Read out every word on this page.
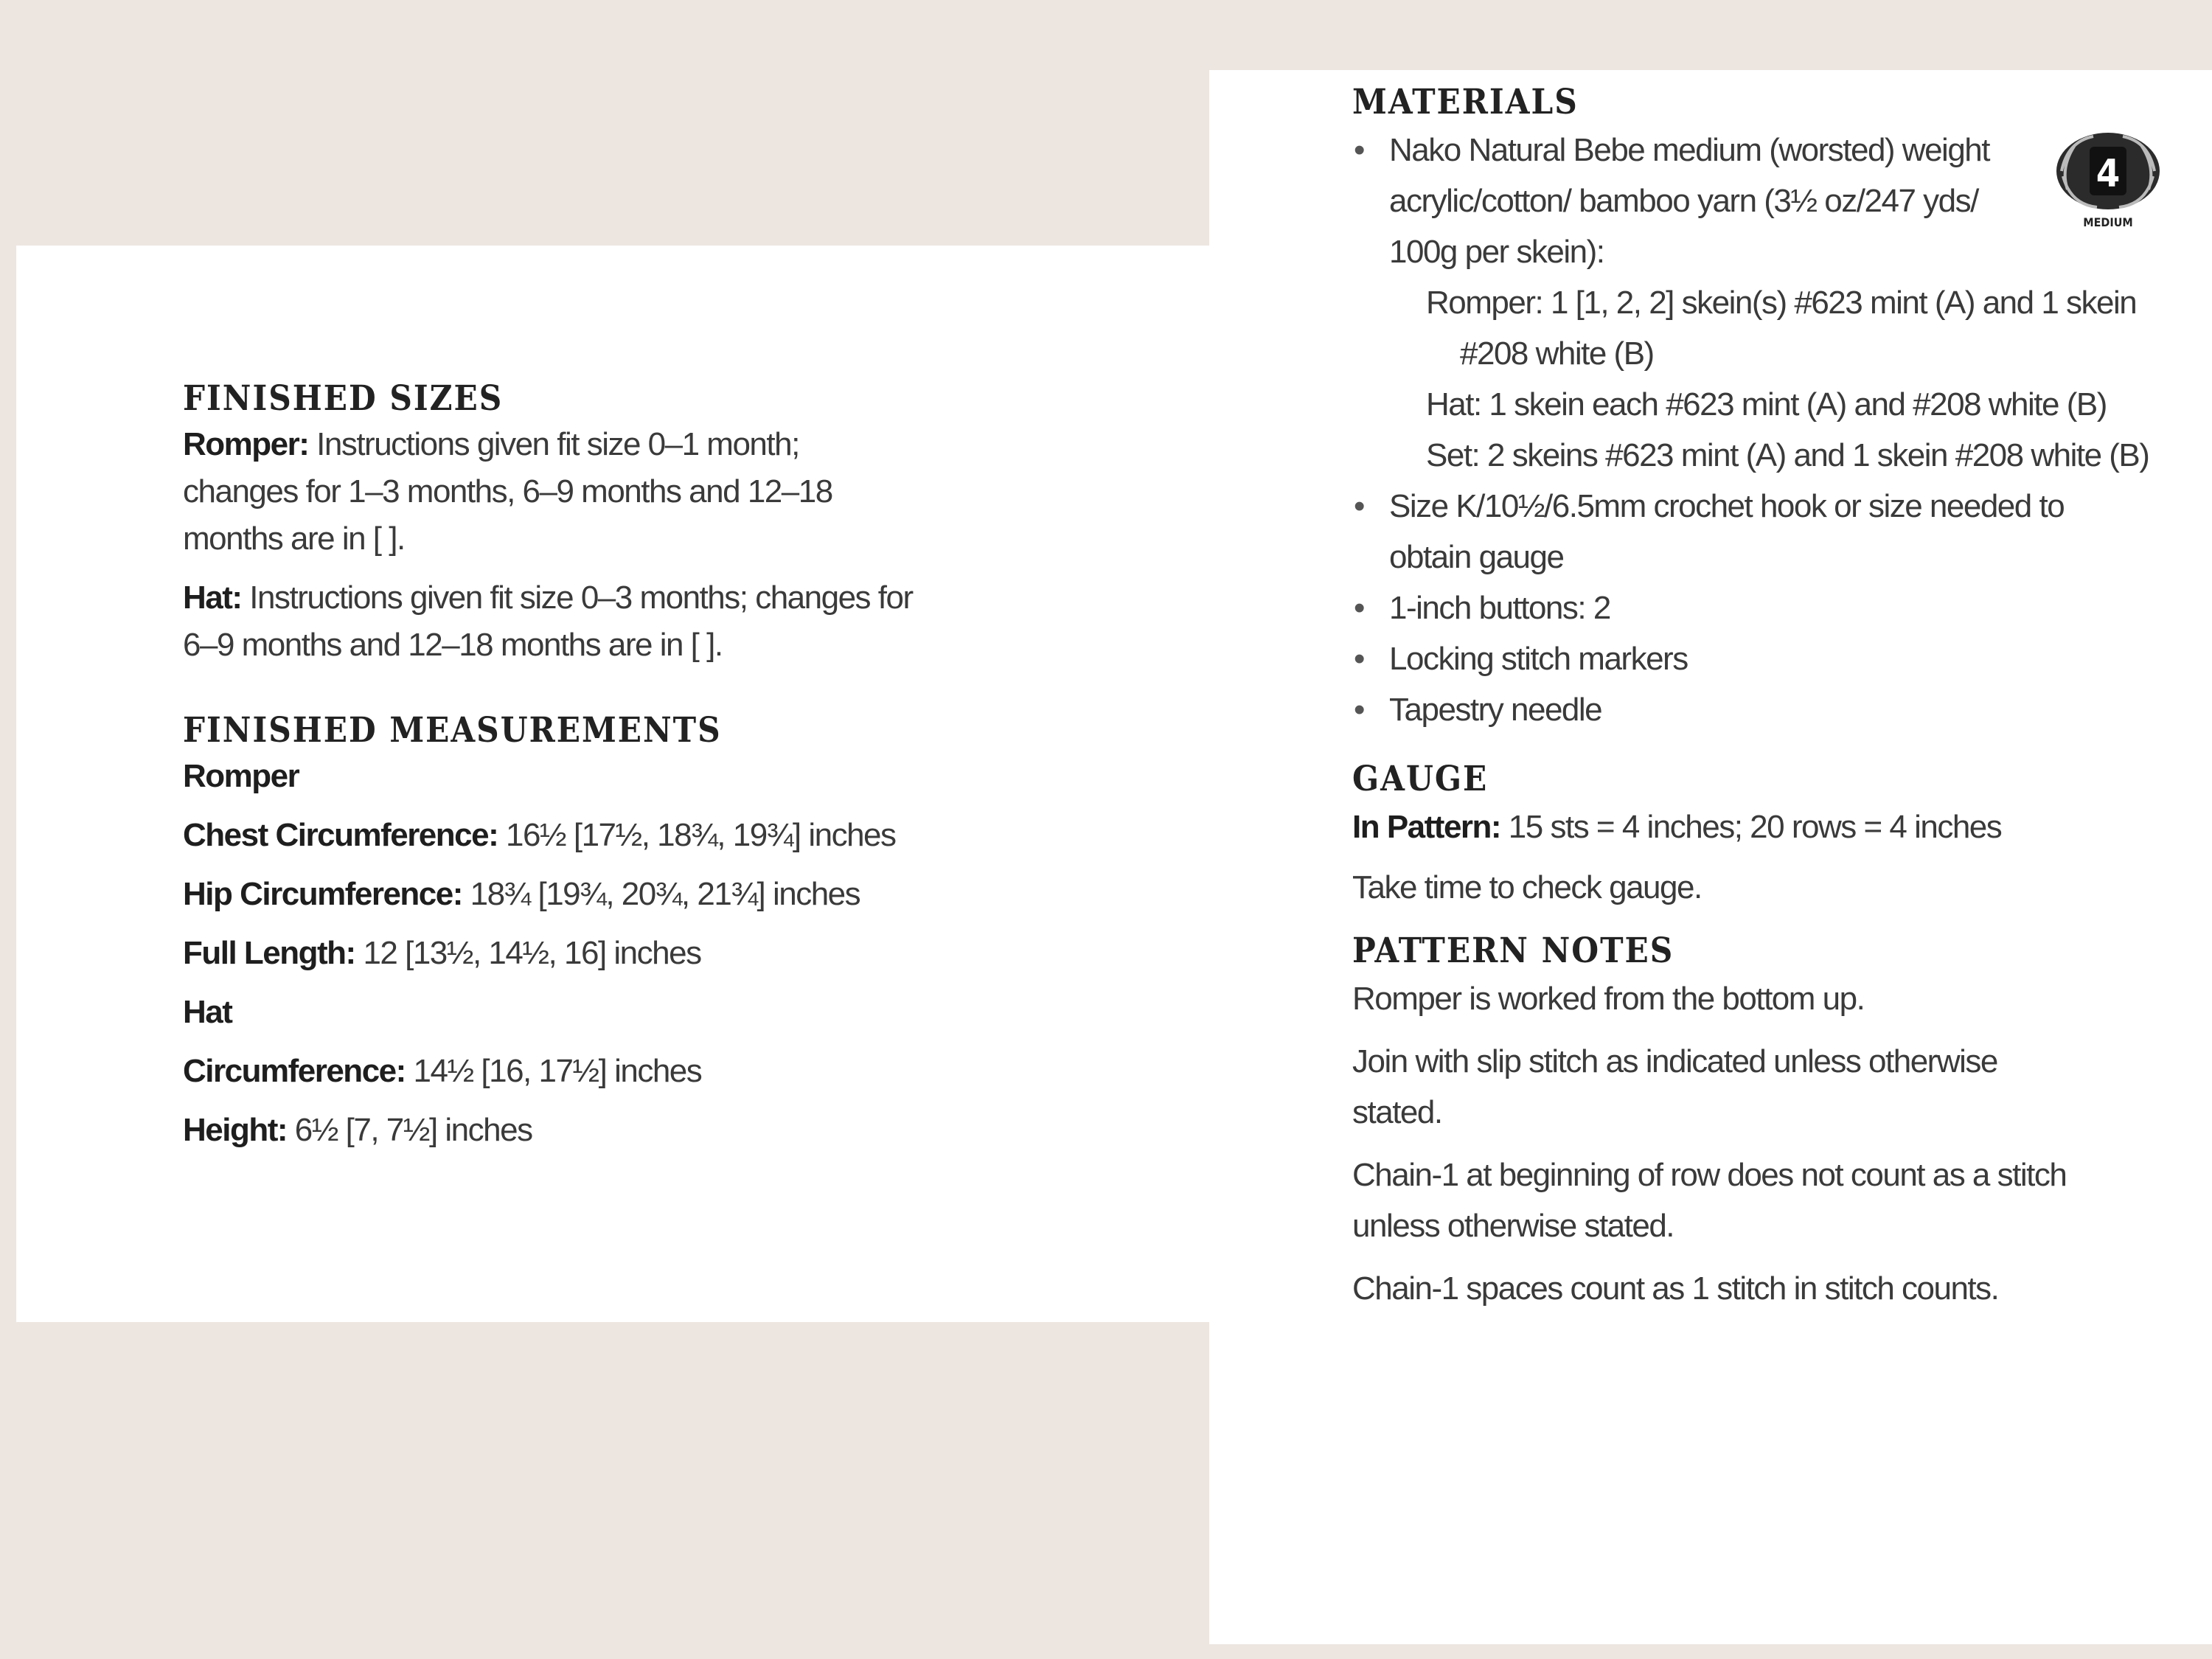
FINISHED SIZES

Romper: Instructions given fit size 0–1 month; changes for 1–3 months, 6–9 months and 12–18 months are in [ ].

Hat: Instructions given fit size 0–3 months; changes for 6–9 months and 12–18 months are in [ ].

FINISHED MEASUREMENTS

Romper

Chest Circumference: 16½ [17½, 18¾, 19¾] inches

Hip Circumference: 18¾ [19¾, 20¾, 21¾] inches

Full Length: 12 [13½, 14½, 16] inches

Hat

Circumference: 14½ [16, 17½] inches

Height: 6½ [7, 7½] inches

4
MEDIUM
MATERIALS
• Nako Natural Bebe medium (worsted) weight acrylic/cotton/ bamboo yarn (3½ oz/247 yds/ 100g per skein):
Romper: 1 [1, 2, 2] skein(s) #623 mint (A) and 1 skein #208 white (B)
Hat: 1 skein each #623 mint (A) and #208 white (B)
Set: 2 skeins #623 mint (A) and 1 skein #208 white (B)
• Size K/10½/6.5mm crochet hook or size needed to obtain gauge
• 1-inch buttons: 2
• Locking stitch markers
• Tapestry needle
GAUGE

In Pattern: 15 sts = 4 inches; 20 rows = 4 inches

Take time to check gauge.

PATTERN NOTES

Romper is worked from the bottom up.

Join with slip stitch as indicated unless otherwise stated.

Chain-1 at beginning of row does not count as a stitch unless otherwise stated.

Chain-1 spaces count as 1 stitch in stitch counts.
